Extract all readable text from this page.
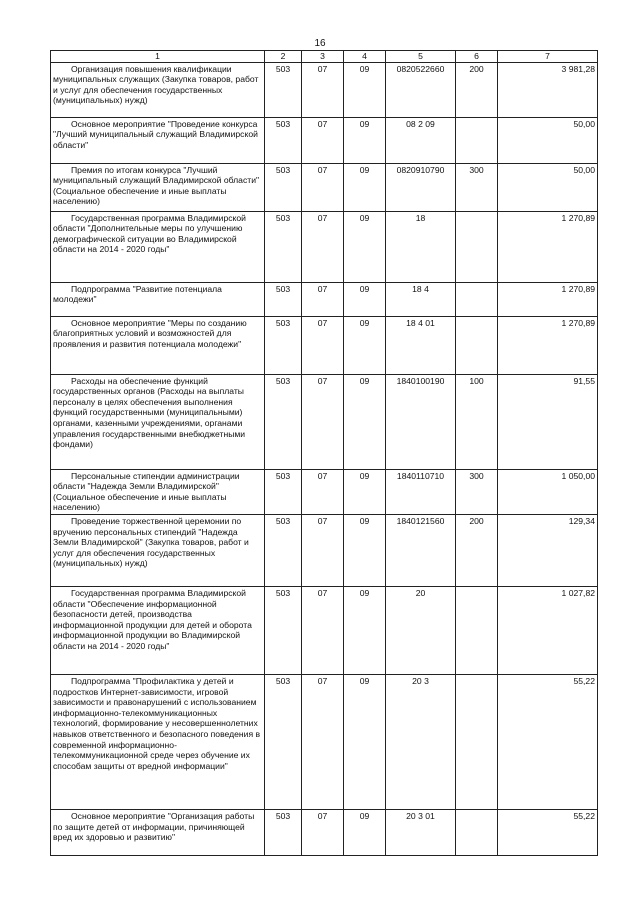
16
1	2	3	4	5	6	7
Организация повышения квалификации муниципальных служащих (Закупка товаров, работ и услуг для обеспечения государственных (муниципальных) нужд)	503	07	09	0820522660	200	3 981,28
Основное мероприятие "Проведение конкурса "Лучший муниципальный служащий Владимирской области"	503	07	09	08 2 09		50,00
Премия по итогам конкурса "Лучший муниципальный служащий Владимирской области" (Социальное обеспечение и иные выплаты населению)	503	07	09	0820910790	300	50,00
Государственная программа Владимирской области "Дополнительные меры по улучшению демографической ситуации во Владимирской области на 2014 - 2020 годы"	503	07	09	18		1 270,89
Подпрограмма "Развитие потенциала молодежи"	503	07	09	18 4		1 270,89
Основное мероприятие "Меры по созданию благоприятных условий и возможностей для проявления и развития потенциала молодежи"	503	07	09	18 4 01		1 270,89
Расходы на обеспечение функций государственных органов (Расходы на выплаты персоналу в целях обеспечения выполнения функций государственными (муниципальными) органами, казенными учреждениями, органами управления государственными внебюджетными фондами)	503	07	09	1840100190	100	91,55
Персональные стипендии администрации области "Надежда Земли Владимирской" (Социальное обеспечение и иные выплаты населению)	503	07	09	1840110710	300	1 050,00
Проведение торжественной церемонии по вручению персональных стипендий "Надежда Земли Владимирской" (Закупка товаров, работ и услуг для обеспечения государственных (муниципальных) нужд)	503	07	09	1840121560	200	129,34
Государственная программа Владимирской области "Обеспечение информационной безопасности детей, производства информационной продукции для детей и оборота информационной продукции во Владимирской области на 2014 - 2020 годы"	503	07	09	20		1 027,82
Подпрограмма "Профилактика у детей и подростков Интернет-зависимости, игровой зависимости и правонарушений с использованием информационно-телекоммуникационных технологий, формирование у несовершеннолетних навыков ответственного и безопасного поведения в современной информационно-телекоммуникационной среде через обучение их способам защиты от вредной информации"	503	07	09	20 3		55,22
Основное мероприятие "Организация работы по защите детей от информации, причиняющей вред их здоровью и развитию"	503	07	09	20 3 01		55,22
